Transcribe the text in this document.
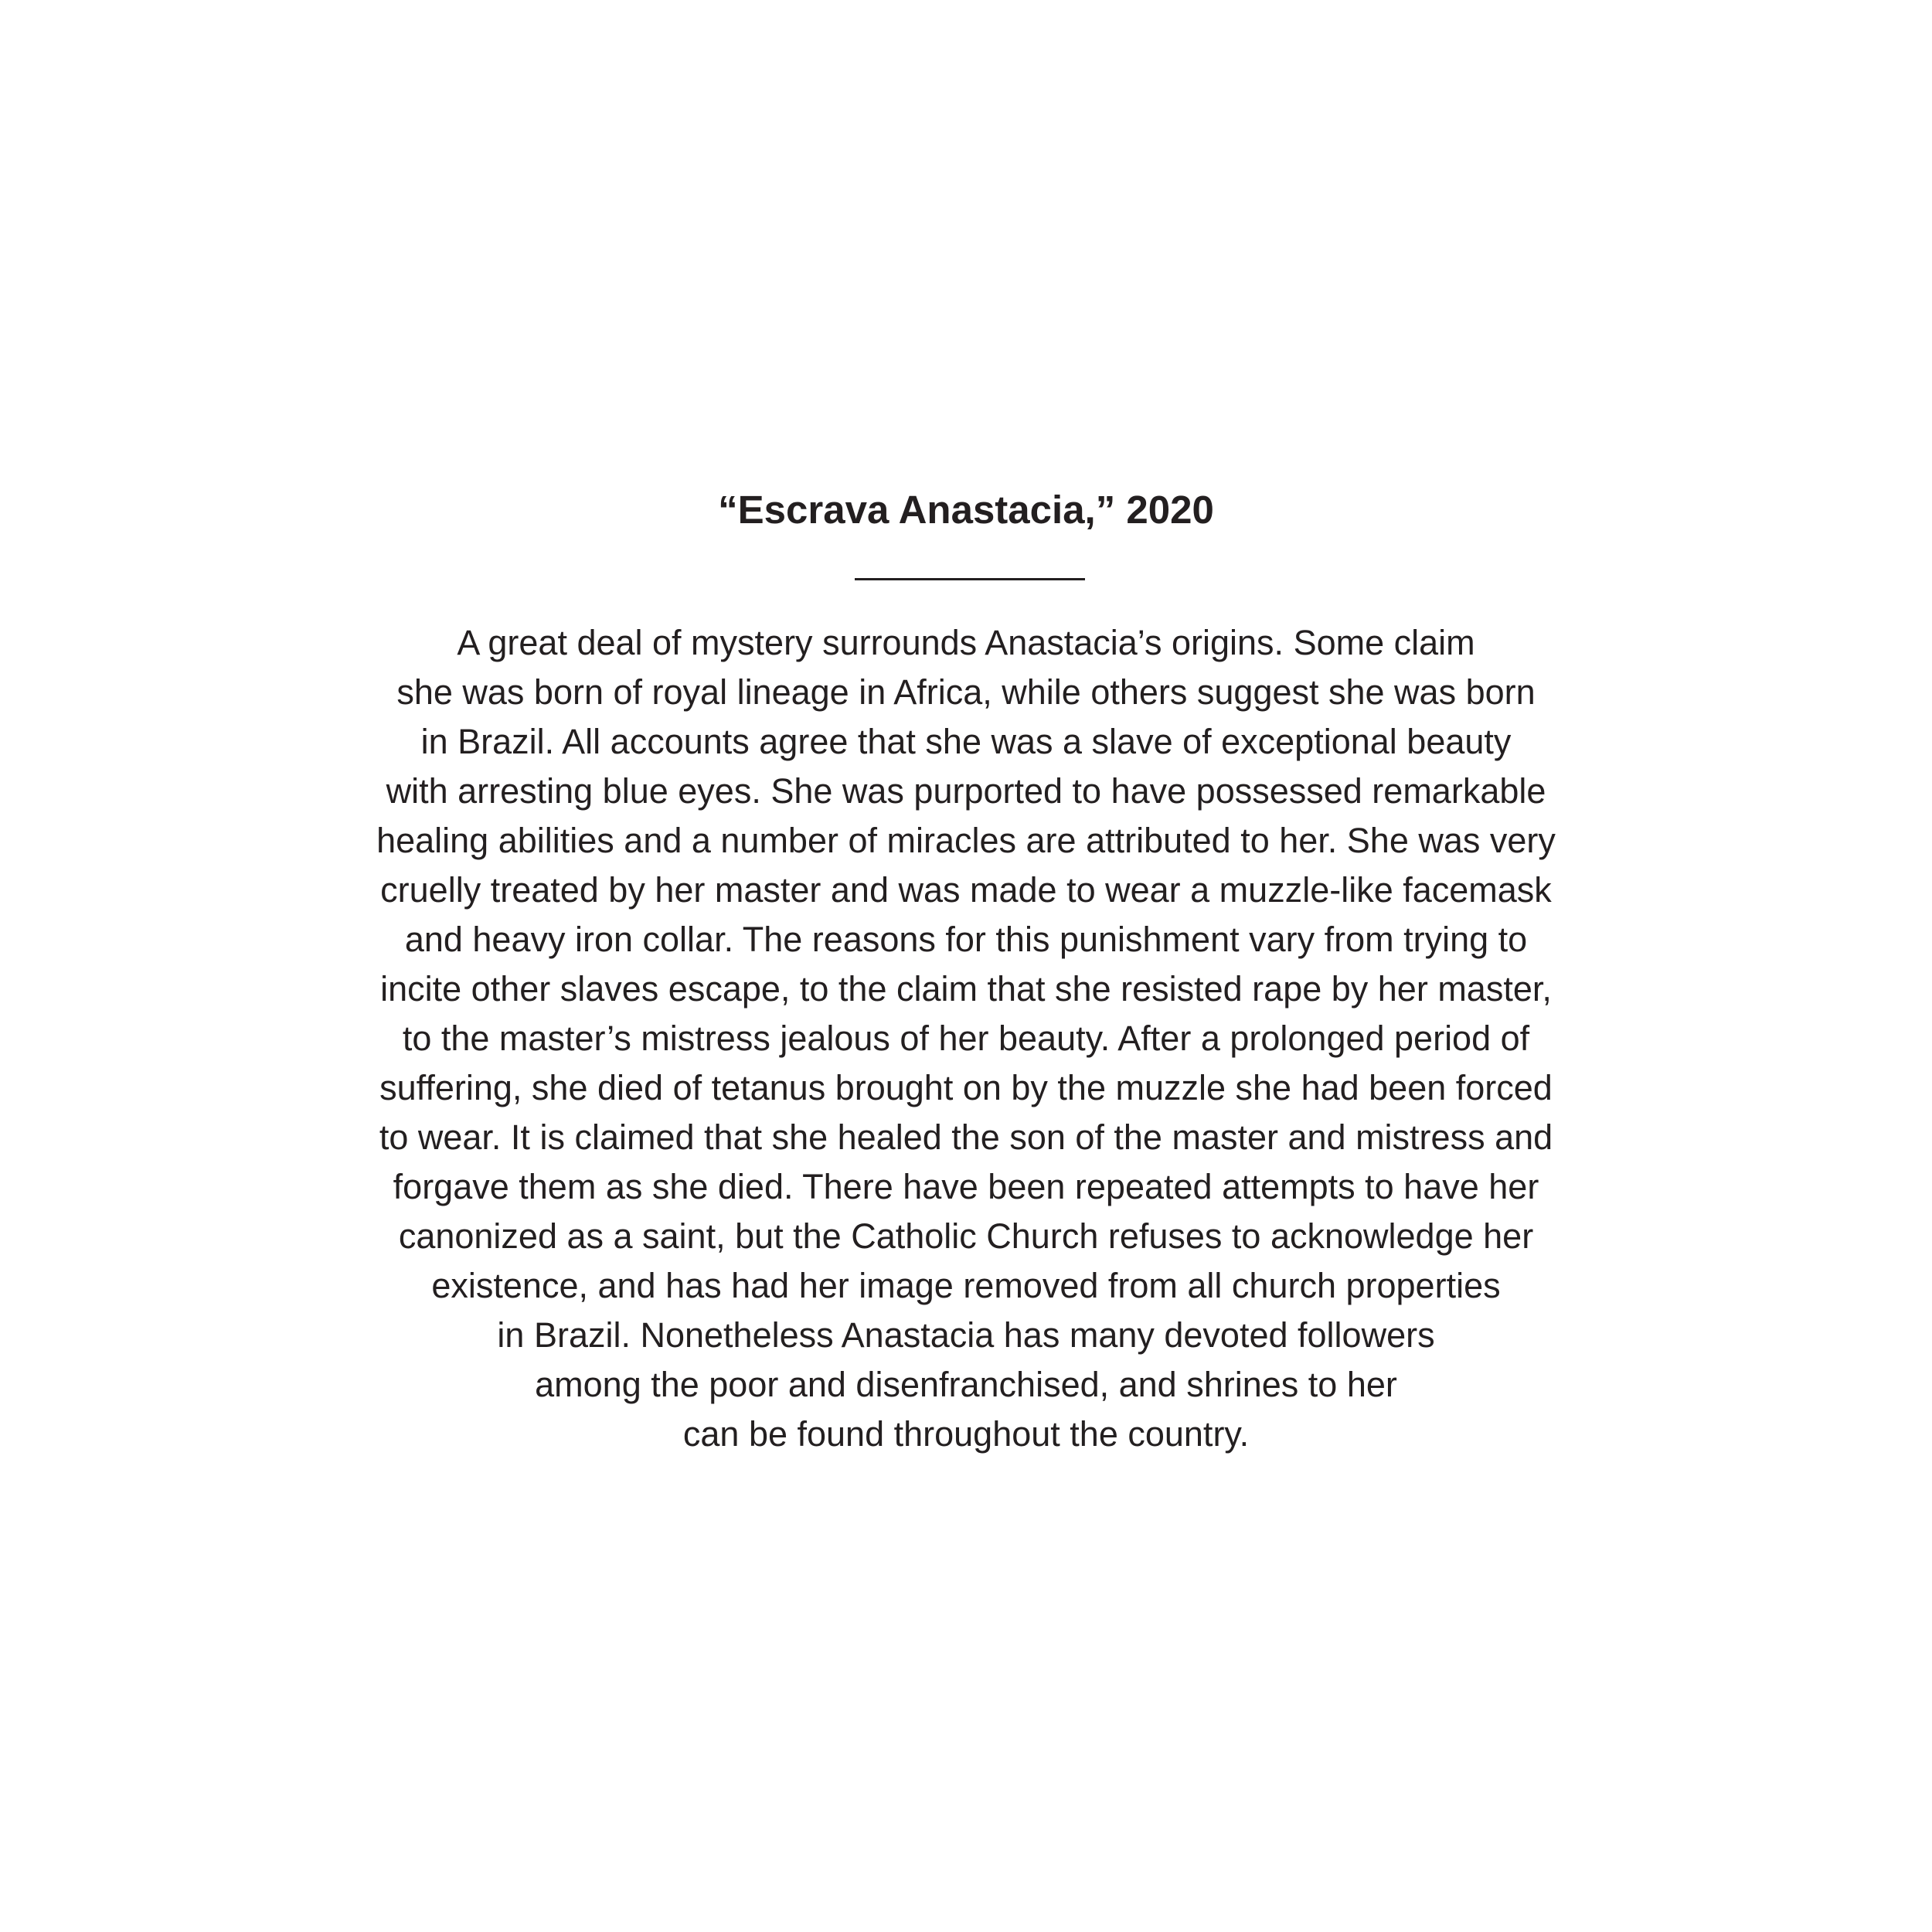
“Escrava Anastacia,” 2020
A great deal of mystery surrounds Anastacia’s origins. Some claim
she was born of royal lineage in Africa, while others suggest she was born
in Brazil. All accounts agree that she was a slave of exceptional beauty
with arresting blue eyes. She was purported to have possessed remarkable
healing abilities and a number of miracles are attributed to her. She was very
cruelly treated by her master and was made to wear a muzzle-like facemask
and heavy iron collar. The reasons for this punishment vary from trying to
incite other slaves escape, to the claim that she resisted rape by her master,
to the master’s mistress jealous of her beauty. After a prolonged period of
suffering, she died of tetanus brought on by the muzzle she had been forced
to wear. It is claimed that she healed the son of the master and mistress and
forgave them as she died. There have been repeated attempts to have her
canonized as a saint, but the Catholic Church refuses to acknowledge her
existence, and has had her image removed from all church properties
in Brazil. Nonetheless Anastacia has many devoted followers
among the poor and disenfranchised, and shrines to her
can be found throughout the country.
